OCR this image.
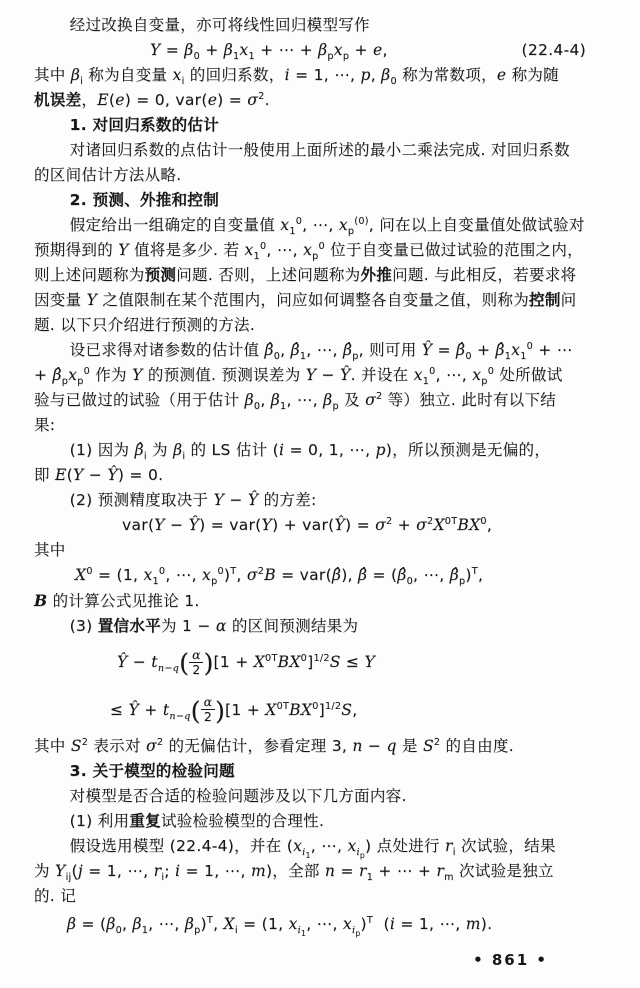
经过改换自变量，亦可将线性回归模型写作
$Y = \beta_0 + \beta_1x_1$ + ⋯ + $\beta_px_p + e$,	(22.4-4)
其中 $\beta_i$ 称为自变量 $x_i$ 的回归系数，i = 1, ⋯, p, $\beta_0$ 称为常数项，e 称为随
机误差，E(e) = 0, $var(e) = \sigma^2$.
1. 对回归系数的估计
对诸回归系数的点估计一般使用上面所述的最小二乘法完成. 对回归系数
的区间估计方法从略.
2. 预测、外推和控制
假定给出一组确定的自变量值 $x_1^0$, ⋯, $x_p^{(0)}$, 问在以上自变量值处做试验对
预期得到的 Y 值将是多少. 若 $x_1^0$, ⋯, $x_p^0$ 位于自变量已做过试验的范围之内，
则上述问题称为预测问题. 否则，上述问题称为外推问题. 与此相反，若要求将
因变量 Y 之值限制在某个范围内，问应如何调整各自变量之值，则称为控制问
题. 以下只介绍进行预测的方法.
设已求得对诸参数的估计值 $\betâ_0$, $\betâ_1$, ⋯, $\betâ_p$, 则可用 Ŷ = $\betâ_0$ + $\betâ_1x_1^0$ + ⋯
+ $\betâ_px_p^0$ 作为 Y 的预测值. 预测误差为 Y − Ŷ. 并设在 $x_1^0$, ⋯, $x_p^0$ 处所做试
验与已做过的试验（用于估计 $\beta_0$, $\beta_1$, ⋯, $\beta_p$ 及 $\sigma^2$ 等）独立. 此时有以下结
果:
(1) 因为 $\betâ_i$ 为 $\beta_i$ 的 LS 估计 (i = 0, 1, ⋯, p)，所以预测是无偏的，
即 E(Y − Ŷ) = 0.
(2) 预测精度取决于 Y − Ŷ 的方差:
var(Y − Ŷ) = var(Y) + var(Ŷ) = $\sigma^2 + \sigma^2X^{0T}BX^0$,
其中
$X^0 = (1$, $x_1^0$, ⋯, $x_p^0)^T$, $\sigma^2B$ = var(β̂), β̂ = ($\betâ_0$, ⋯, $\betâ_p)^T$,
B 的计算公式见推论 1.
(3) 置信水平为 1 − α 的区间预测结果为
Ŷ − $t_{n-q}( \frac{\alpha}{2} )[1 + X^{0T}BX^0]^{1/2}S \le Y$
≤ Ŷ + $t_{n-q}( \frac{\alpha}{2} )[1 + X^{0T}BX^0]^{1/2}S$,
其中 $S^2$ 表示对 $\sigma^2$ 的无偏估计，参看定理 3, n − q 是 $S^2$ 的自由度.
3. 关于模型的检验问题
对模型是否合适的检验问题涉及以下几方面内容.
(1) 利用重复试验检验模型的合理性.
假设选用模型 (22.4-4)，并在 ($x_{i_1}$, ⋯, $x_{i_p}$) 点处进行 $r_i$ 次试验，结果
为 $Y_{ij}(j = 1$, ⋯, $r_i$; i = 1, ⋯, m)，全部 $n = r_1$ + ⋯ + $r_m$ 次试验是独立
的. 记
$\beta = (\beta_0$, $\beta_1$, ⋯, $\beta_p)^T$, $X_i = (1$, $x_{i_1}$, ⋯, $x_{i_p})^T$  (i = 1, ⋯, m).
• 861 •
